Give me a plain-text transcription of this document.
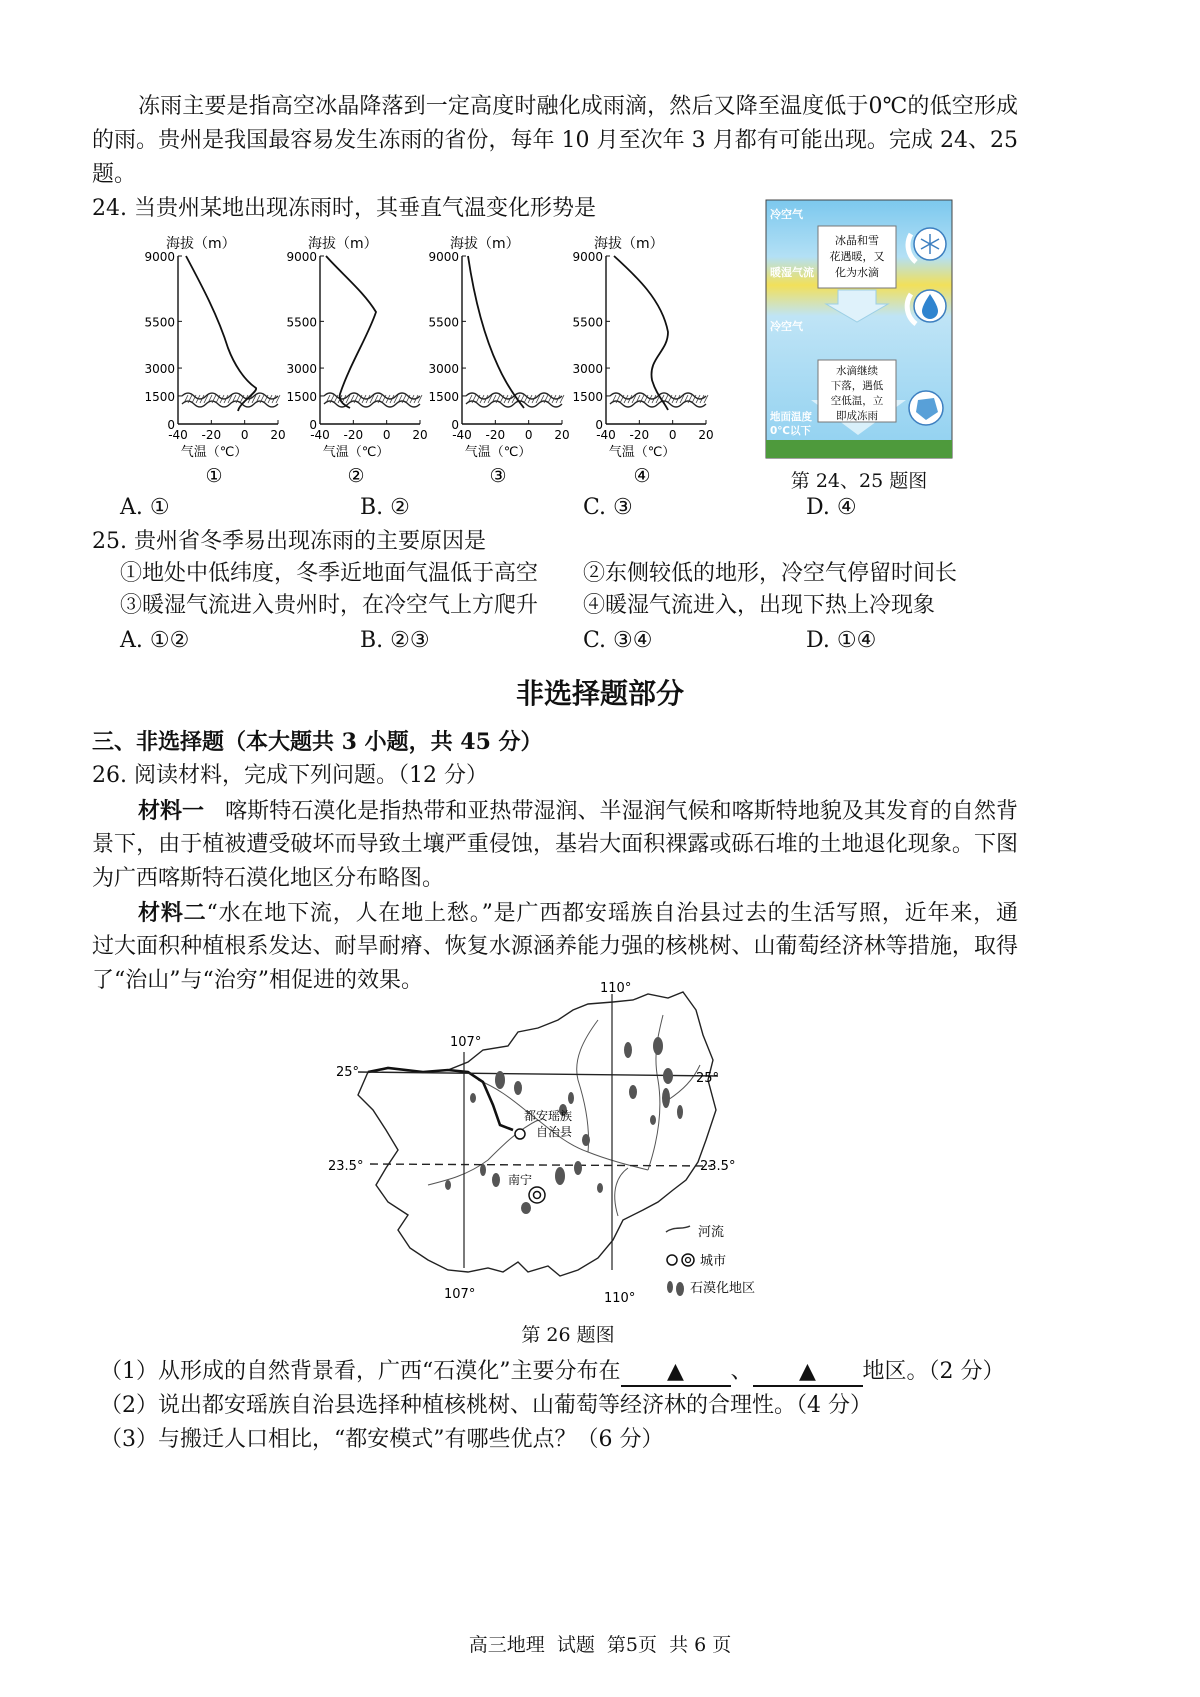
冻雨主要是指高空冰晶降落到一定高度时融化成雨滴，然后又降至温度低于0℃的低空形成
的雨。贵州是我国最容易发生冻雨的省份，每年 10 月至次年 3 月都有可能出现。完成 24、25
题。
24. 当贵州某地出现冻雨时，其垂直气温变化形势是
海拔（m）
9000
5500
3000
1500
0
-40 -20 0 20
气温（℃）
①
海拔（m）
9000
5500
3000
1500
0
-40 -20 0 20
气温（℃）
②
海拔（m）
9000
5500
3000
1500
0
-40 -20 0 20
气温（℃）
③
海拔（m）
9000
5500
3000
1500
0
-40 -20 0 20
气温（℃）
④
A. ①	B. ②	C. ③	D. ④
冰晶和雪
花遇暖，又
化为水滴
水滴继续
下落，遇低
空低温，立
即成冻雨
冷空气
暖湿气流
冷空气
地面温度
0℃以下
第 24、25 题图
25. 贵州省冬季易出现冻雨的主要原因是
①地处中低纬度，冬季近地面气温低于高空 ②东侧较低的地形，冷空气停留时间长
③暖湿气流进入贵州时，在冷空气上方爬升 ④暖湿气流进入，出现下热上冷现象
A. ①②	B. ②③	C. ③④	D. ①④
非选择题部分
三、非选择题（本大题共 3 小题，共 45 分）
26. 阅读材料，完成下列问题。（12 分）
材料一 喀斯特石漠化是指热带和亚热带湿润、半湿润气候和喀斯特地貌及其发育的自然背
景下，由于植被遭受破坏而导致土壤严重侵蚀，基岩大面积裸露或砾石堆的土地退化现象。下图
为广西喀斯特石漠化地区分布略图。
材料二“水在地下流，人在地上愁。”是广西都安瑶族自治县过去的生活写照，近年来，通
过大面积种植根系发达、耐旱耐瘠、恢复水源涵养能力强的核桃树、山葡萄经济林等措施，取得
了“治山”与“治穷”相促进的效果。
107°
110°
107°	110°
25°	25°
23.5°	23.5°
都安瑶族
自治县
南宁
河流
城市
石漠化地区
第 26 题图
（1）从形成的自然背景看，广西“石漠化”主要分布在 ▲ 、 ▲ 地区。（2 分）
（2）说出都安瑶族自治县选择种植核桃树、山葡萄等经济林的合理性。（4 分）
（3）与搬迁人口相比，“都安模式”有哪些优点？（6 分）
高三地理  试题  第5页  共 6 页
